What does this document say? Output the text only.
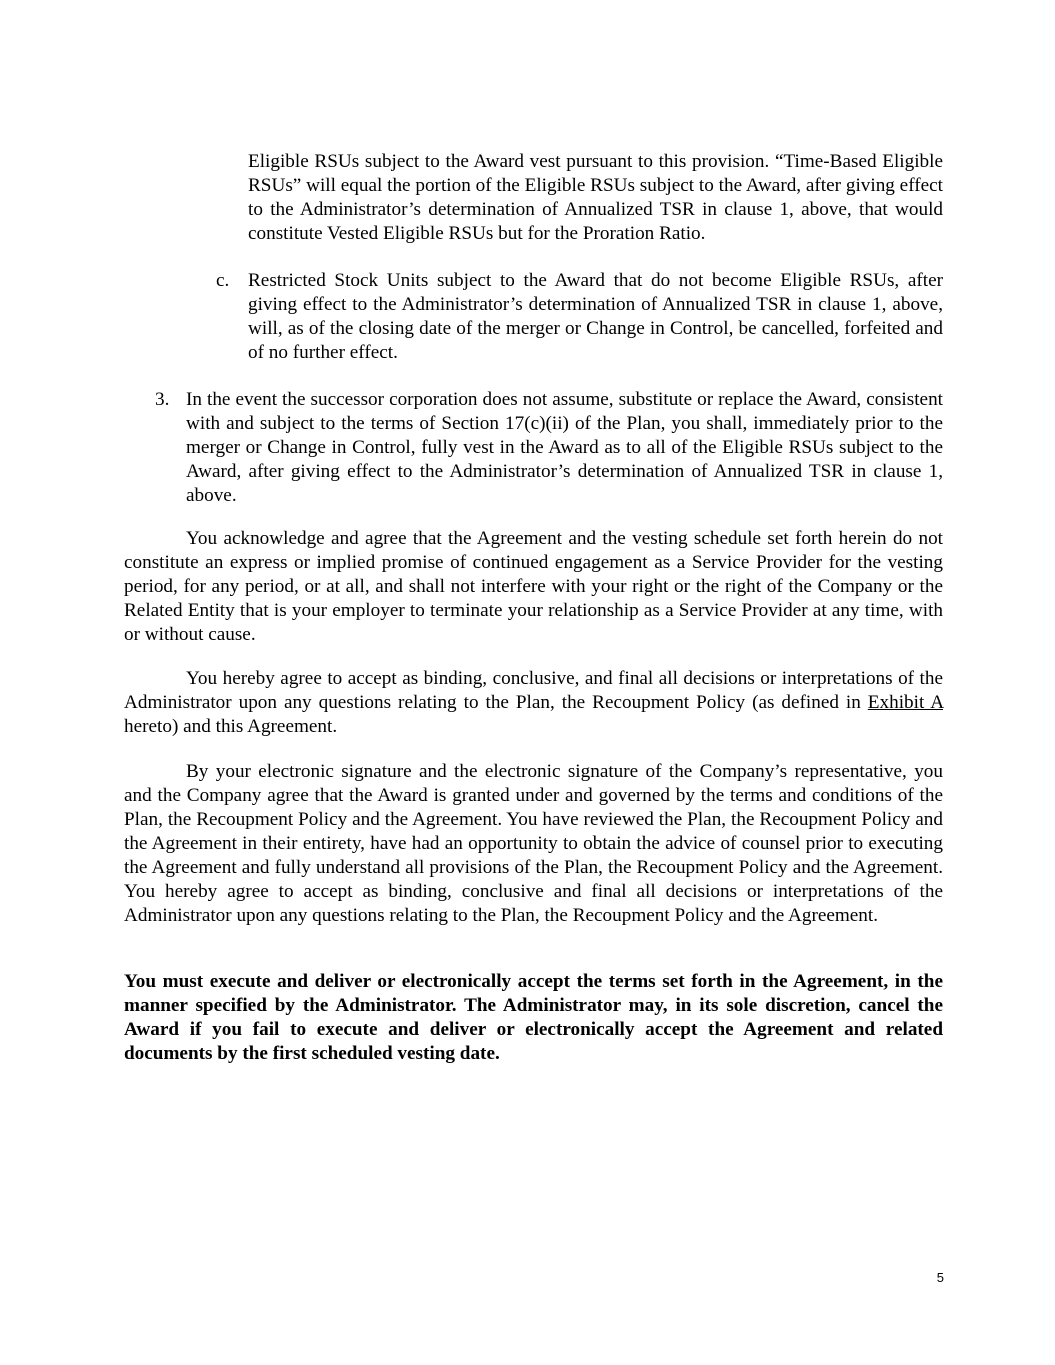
Eligible RSUs subject to the Award vest pursuant to this provision. “Time-Based Eligible RSUs” will equal the portion of the Eligible RSUs subject to the Award, after giving effect to the Administrator’s determination of Annualized TSR in clause 1, above, that would constitute Vested Eligible RSUs but for the Proration Ratio.

c. Restricted Stock Units subject to the Award that do not become Eligible RSUs, after giving effect to the Administrator’s determination of Annualized TSR in clause 1, above, will, as of the closing date of the merger or Change in Control, be cancelled, forfeited and of no further effect.
3. In the event the successor corporation does not assume, substitute or replace the Award, consistent with and subject to the terms of Section 17(c)(ii) of the Plan, you shall, immediately prior to the merger or Change in Control, fully vest in the Award as to all of the Eligible RSUs subject to the Award, after giving effect to the Administrator’s determination of Annualized TSR in clause 1, above.

You acknowledge and agree that the Agreement and the vesting schedule set forth herein do not constitute an express or implied promise of continued engagement as a Service Provider for the vesting period, for any period, or at all, and shall not interfere with your right or the right of the Company or the Related Entity that is your employer to terminate your relationship as a Service Provider at any time, with or without cause.

You hereby agree to accept as binding, conclusive, and final all decisions or interpretations of the Administrator upon any questions relating to the Plan, the Recoupment Policy (as defined in Exhibit A hereto) and this Agreement.

By your electronic signature and the electronic signature of the Company’s representative, you and the Company agree that the Award is granted under and governed by the terms and conditions of the Plan, the Recoupment Policy and the Agreement. You have reviewed the Plan, the Recoupment Policy and the Agreement in their entirety, have had an opportunity to obtain the advice of counsel prior to executing the Agreement and fully understand all provisions of the Plan, the Recoupment Policy and the Agreement. You hereby agree to accept as binding, conclusive and final all decisions or interpretations of the Administrator upon any questions relating to the Plan, the Recoupment Policy and the Agreement.

You must execute and deliver or electronically accept the terms set forth in the Agreement, in the manner specified by the Administrator. The Administrator may, in its sole discretion, cancel the Award if you fail to execute and deliver or electronically accept the Agreement and related documents by the first scheduled vesting date.

5
